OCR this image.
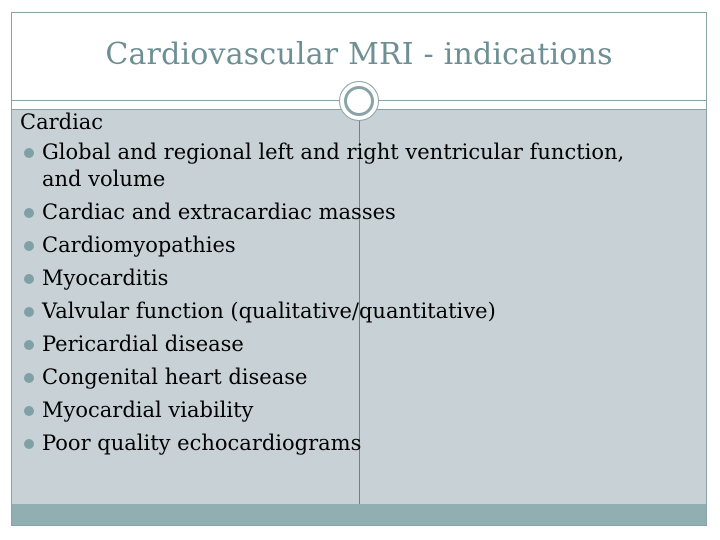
Cardiovascular MRI - indications
Cardiac
Global and regional left and right ventricular function, and volume
Cardiac and extracardiac masses
Cardiomyopathies
Myocarditis
Valvular function (qualitative/quantitative)
Pericardial disease
Congenital heart disease
Myocardial viability
Poor quality echocardiograms
